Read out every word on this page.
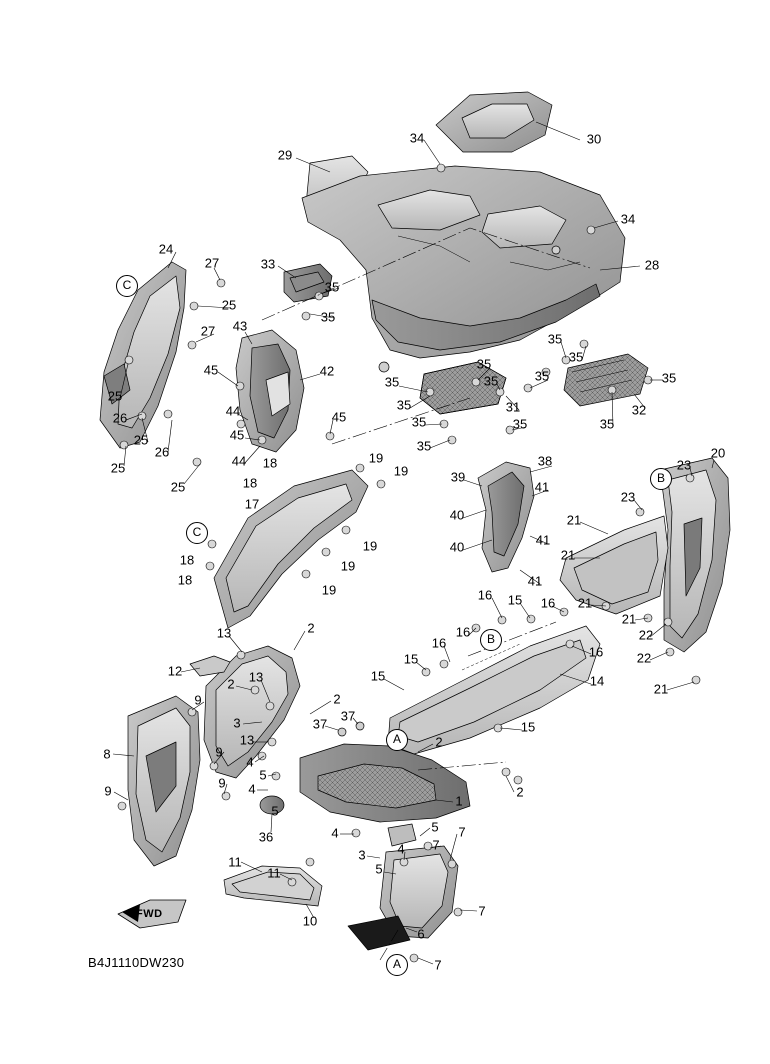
FWD
B4J1110DW230
34	30
29
34
28
24
27	33
35
25
35
27 43
45	42	35
35
35
35	35
35	35
32
25
26	44	45
35	31
35
25	45
26
35	35
25	44 18
35
19
19
38	23
20
25
39
41
23
18
17
40	21
19	40	41
21
18	19
41
18
19
21
16 15 16
21
22
13	2
16
16
16	22
12
2 13
15
15	14
21
9	2
3
13
37
37
15
8	9
4
2
5
9
9 4	2
5
1
36	4	5 7
11
11
3 4 7
5
7
10
6
7
C
C
B
B
A
A
